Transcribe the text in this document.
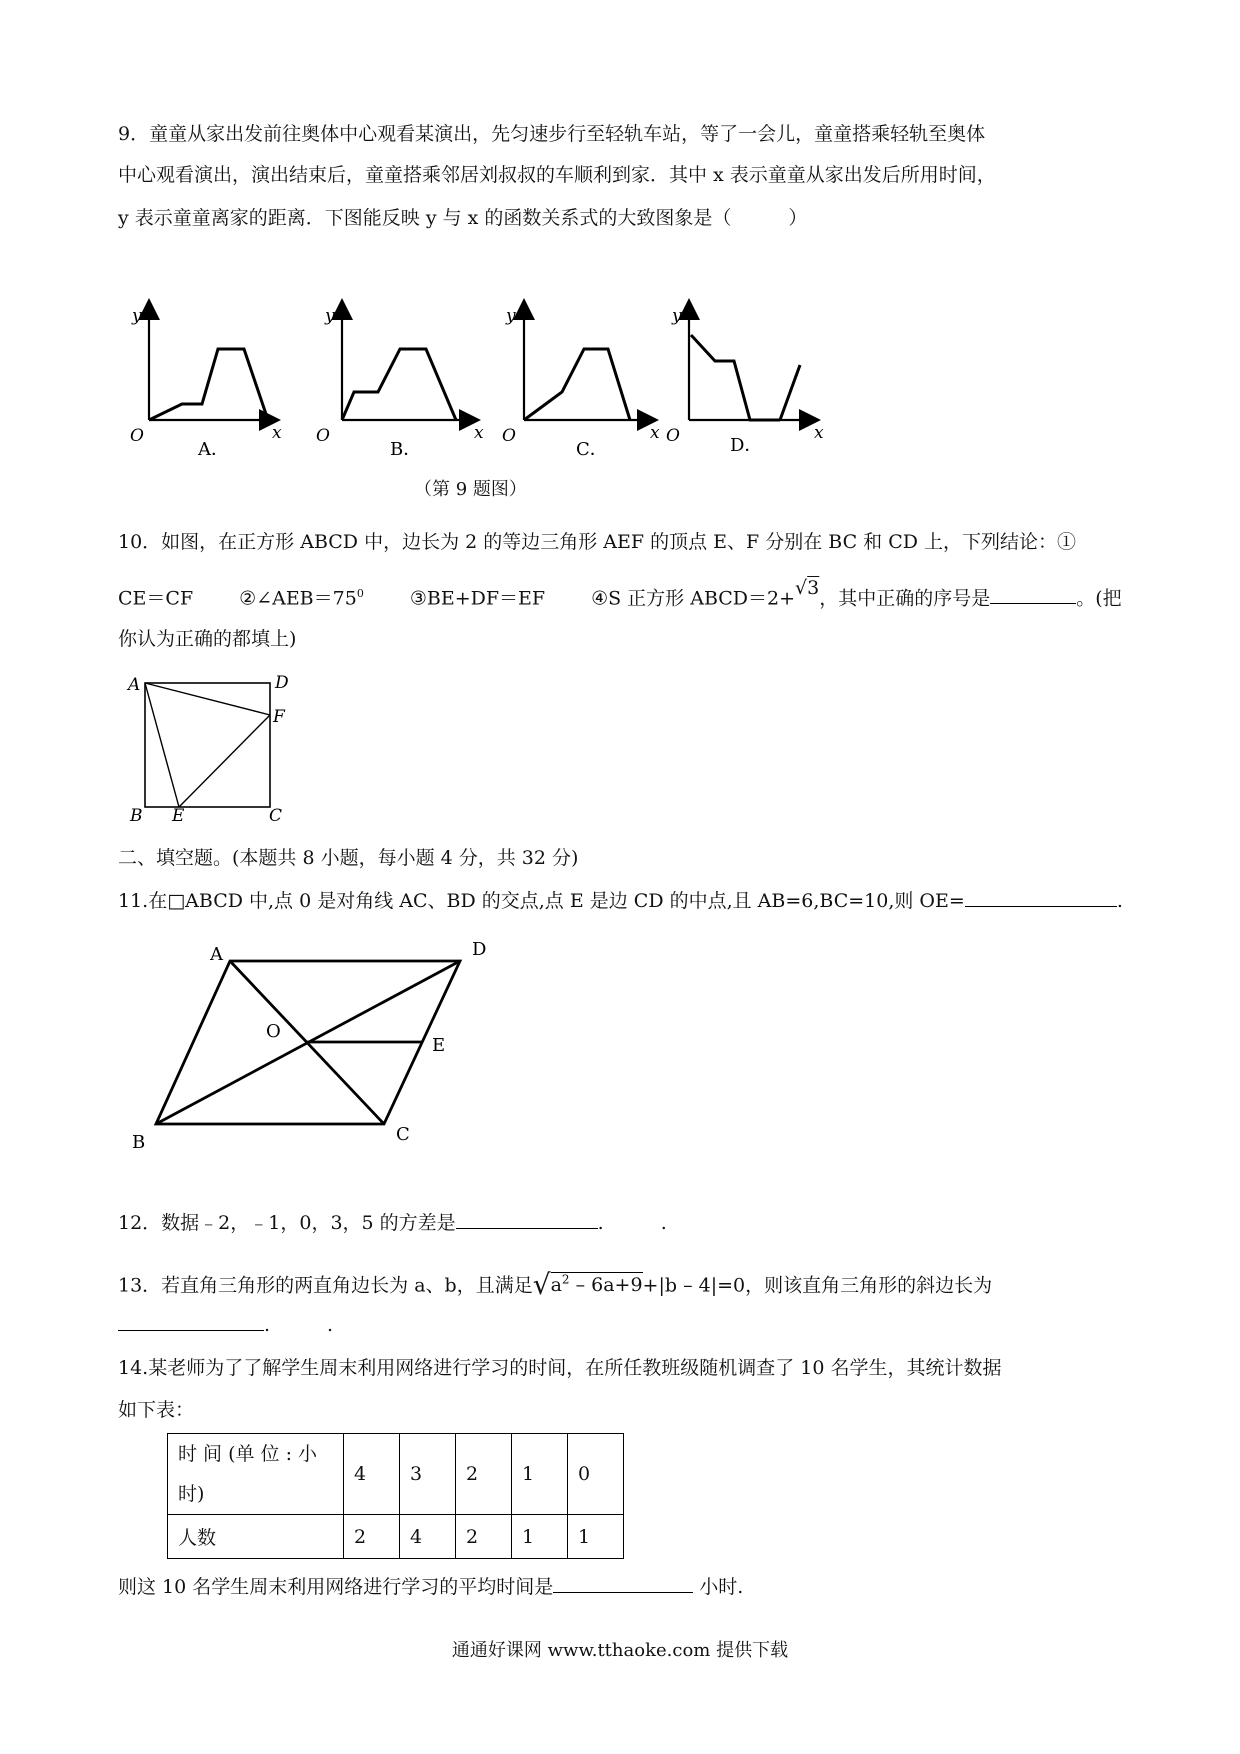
9．童童从家出发前往奥体中心观看某演出，先匀速步行至轻轨车站，等了一会儿，童童搭乘轻轨至奥体
中心观看演出，演出结束后，童童搭乘邻居刘叔叔的车顺利到家．其中 x 表示童童从家出发后所用时间，
y 表示童童离家的距离．下图能反映 y 与 x 的函数关系式的大致图象是（　　　）
y
O	x
A．
y
O	x
B．
y
O	x
C．
y
O	x
D．
（第 9 题图）
10．如图，在正方形 ABCD 中，边长为 2 的等边三角形 AEF 的顶点 E、F 分别在 BC 和 CD 上，下列结论：①
CE＝CF $②\angle AEB=75^0$ ③BE+DF＝EF ④S 正方形 ABCD＝2+√3，其中正确的序号是	。(把
你认为正确的都填上)
A	D
F
B E	C
二、填空题。(本题共 8 小题，每小题 4 分，共 32 分)
11.在□ABCD 中,点 0 是对角线 AC、BD 的交点,点 E 是边 CD 的中点,且 AB=6,BC=10,则 OE=	.
A	D
O
E
B	C
12．数据﹣2，﹣1，0，3，5 的方差是	.　　　.
13．若直角三角形的两直角边长为 a、b，且满足$√a^2 - 6a+9+|b - 4|=0$，则该直角三角形的斜边长为
.　　　.
14.某老师为了了解学生周末利用网络进行学习的时间，在所任教班级随机调查了 10 名学生，其统计数据
如下表：
时 间 (单 位 : 小 时)	4	3	2	1	0
人数	2	4	2	1	1
则这 10 名学生周末利用网络进行学习的平均时间是	小时.
通通好课网 www.tthaoke.com 提供下载
